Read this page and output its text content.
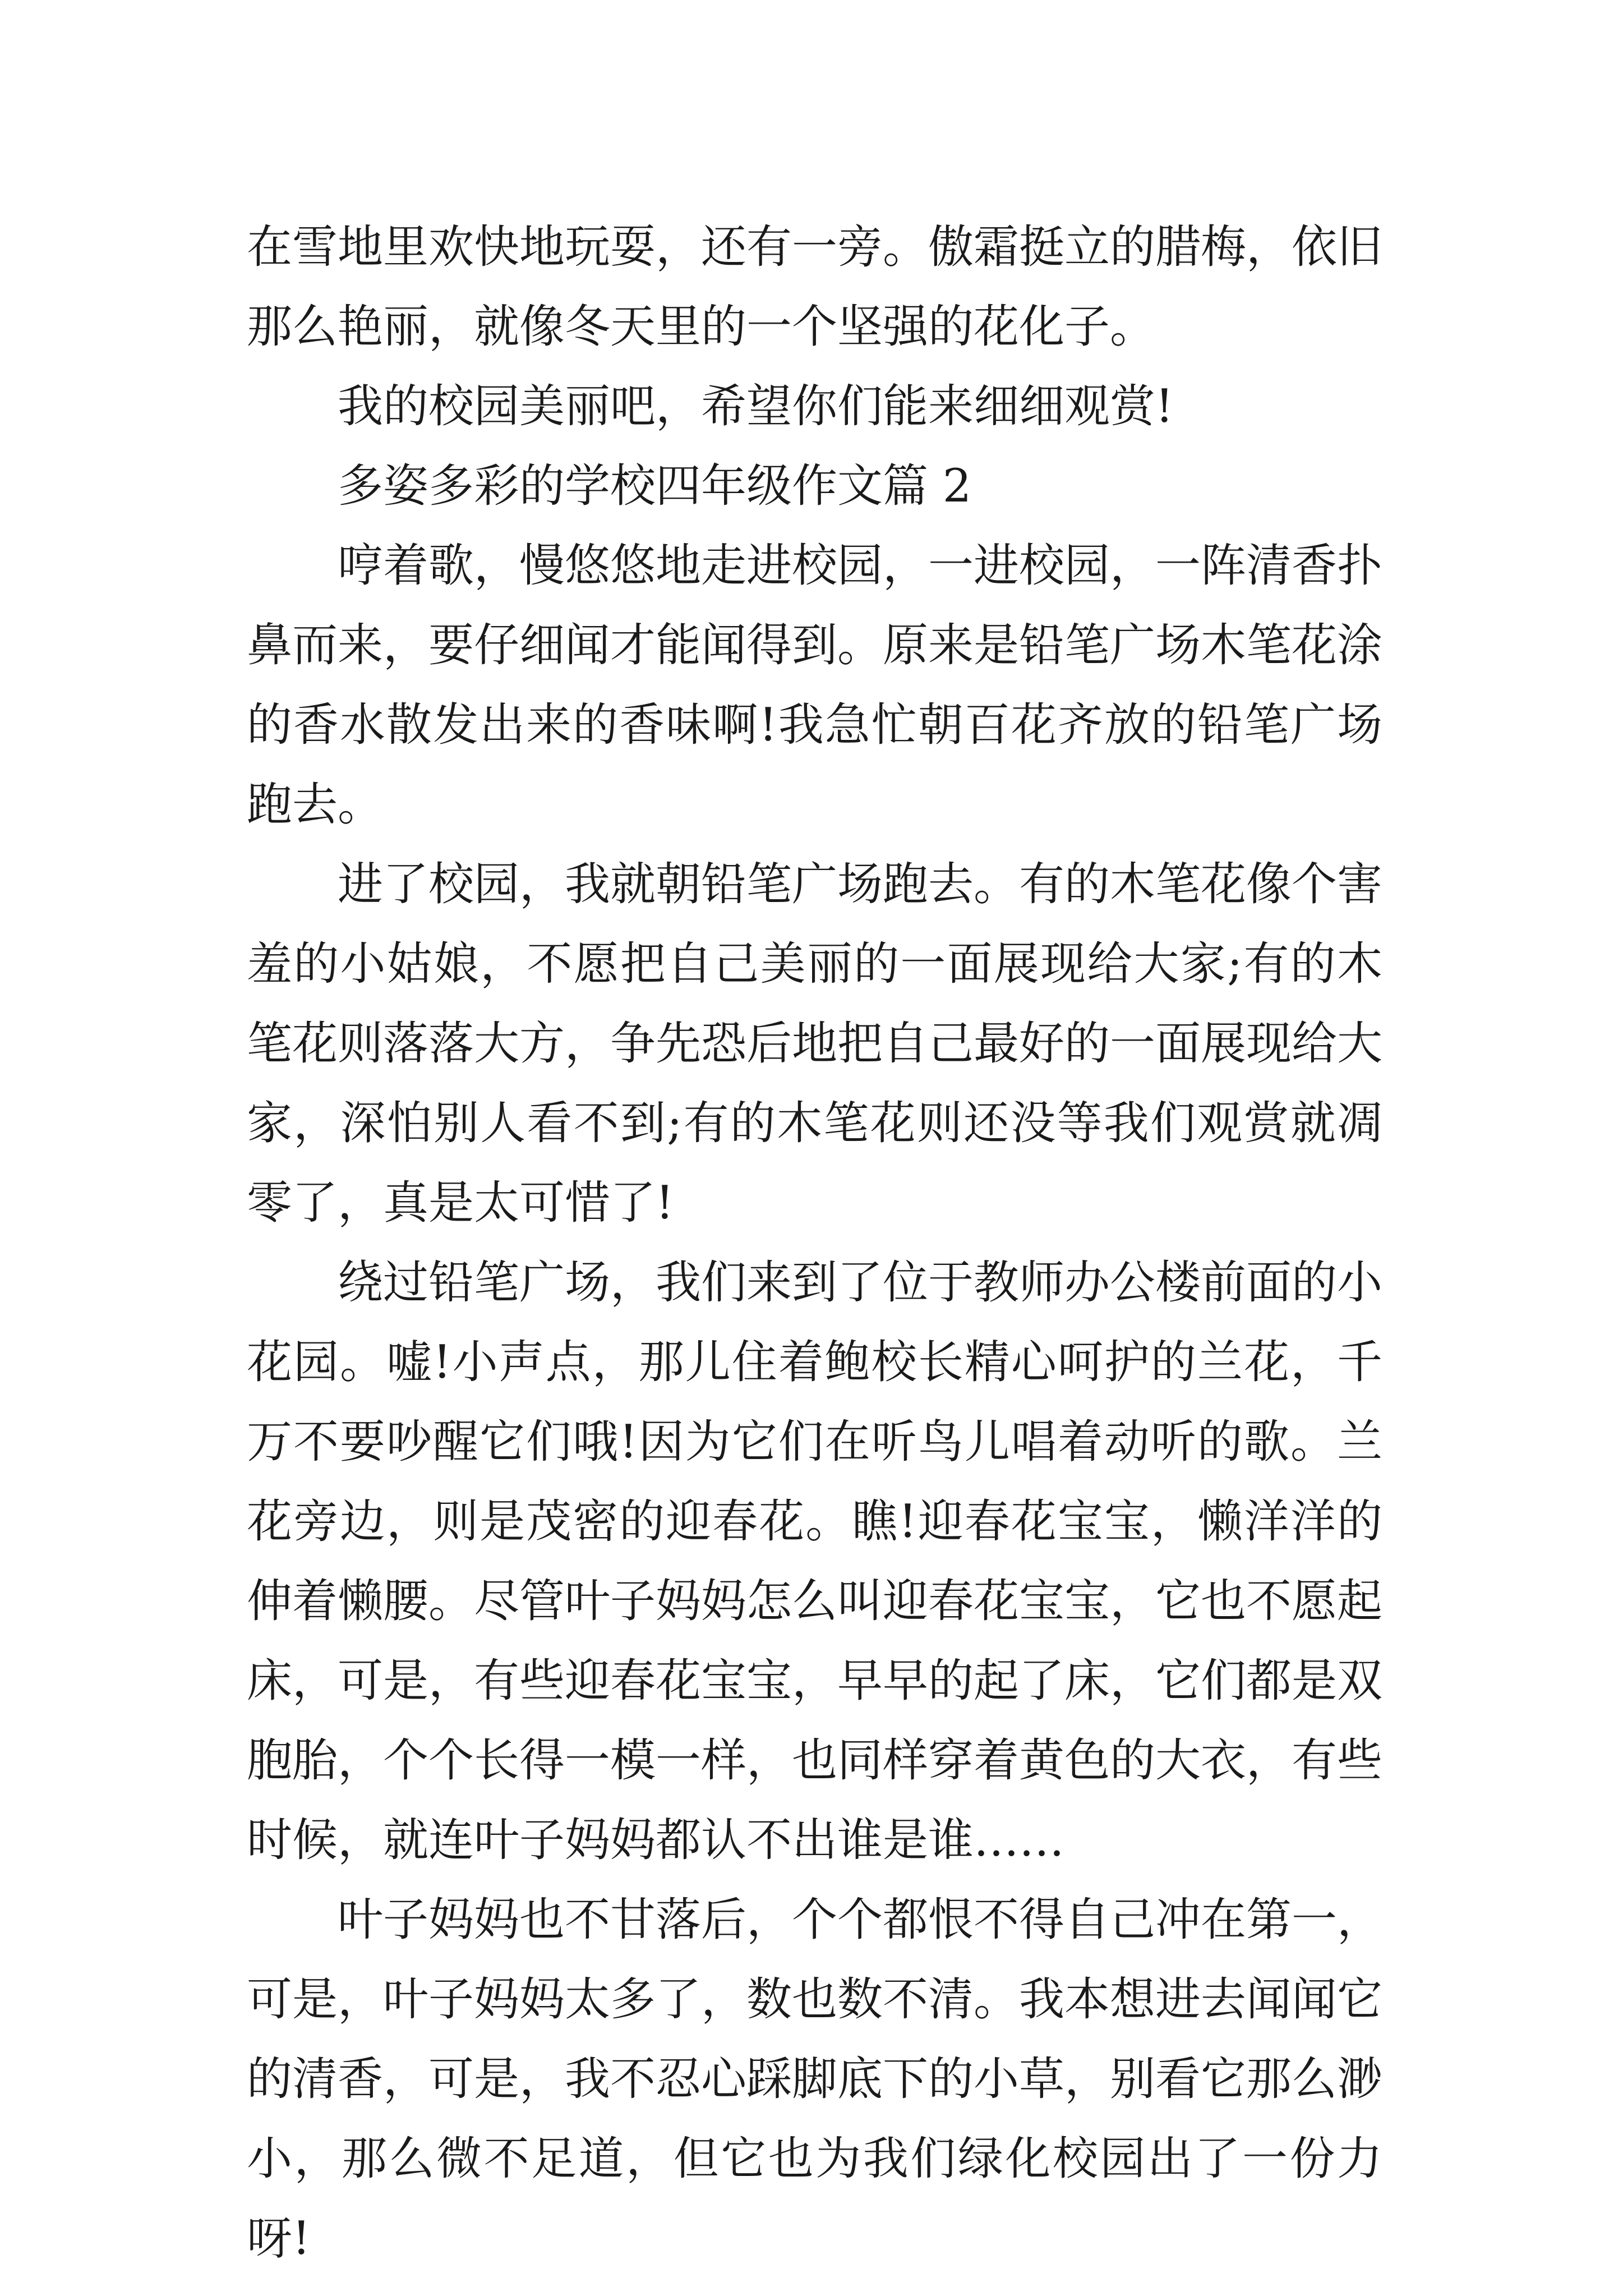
在雪地里欢快地玩耍，还有一旁。傲霜挺立的腊梅，依旧那么艳丽，就像冬天里的一个坚强的花化子。

我的校园美丽吧，希望你们能来细细观赏!

多姿多彩的学校四年级作文篇 2

哼着歌，慢悠悠地走进校园，一进校园，一阵清香扑鼻而来，要仔细闻才能闻得到。原来是铅笔广场木笔花涂的香水散发出来的香味啊!我急忙朝百花齐放的铅笔广场跑去。

进了校园，我就朝铅笔广场跑去。有的木笔花像个害羞的小姑娘，不愿把自己美丽的一面展现给大家;有的木笔花则落落大方，争先恐后地把自己最好的一面展现给大家，深怕别人看不到;有的木笔花则还没等我们观赏就凋零了，真是太可惜了!

绕过铅笔广场，我们来到了位于教师办公楼前面的小花园。嘘!小声点，那儿住着鲍校长精心呵护的兰花，千万不要吵醒它们哦!因为它们在听鸟儿唱着动听的歌。兰花旁边，则是茂密的迎春花。瞧!迎春花宝宝，懒洋洋的伸着懒腰。尽管叶子妈妈怎么叫迎春花宝宝，它也不愿起床，可是，有些迎春花宝宝，早早的起了床，它们都是双胞胎，个个长得一模一样，也同样穿着黄色的大衣，有些时候，就连叶子妈妈都认不出谁是谁……

叶子妈妈也不甘落后，个个都恨不得自己冲在第一，可是，叶子妈妈太多了，数也数不清。我本想进去闻闻它的清香，可是，我不忍心踩脚底下的小草，别看它那么渺小，那么微不足道，但它也为我们绿化校园出了一份力呀!
